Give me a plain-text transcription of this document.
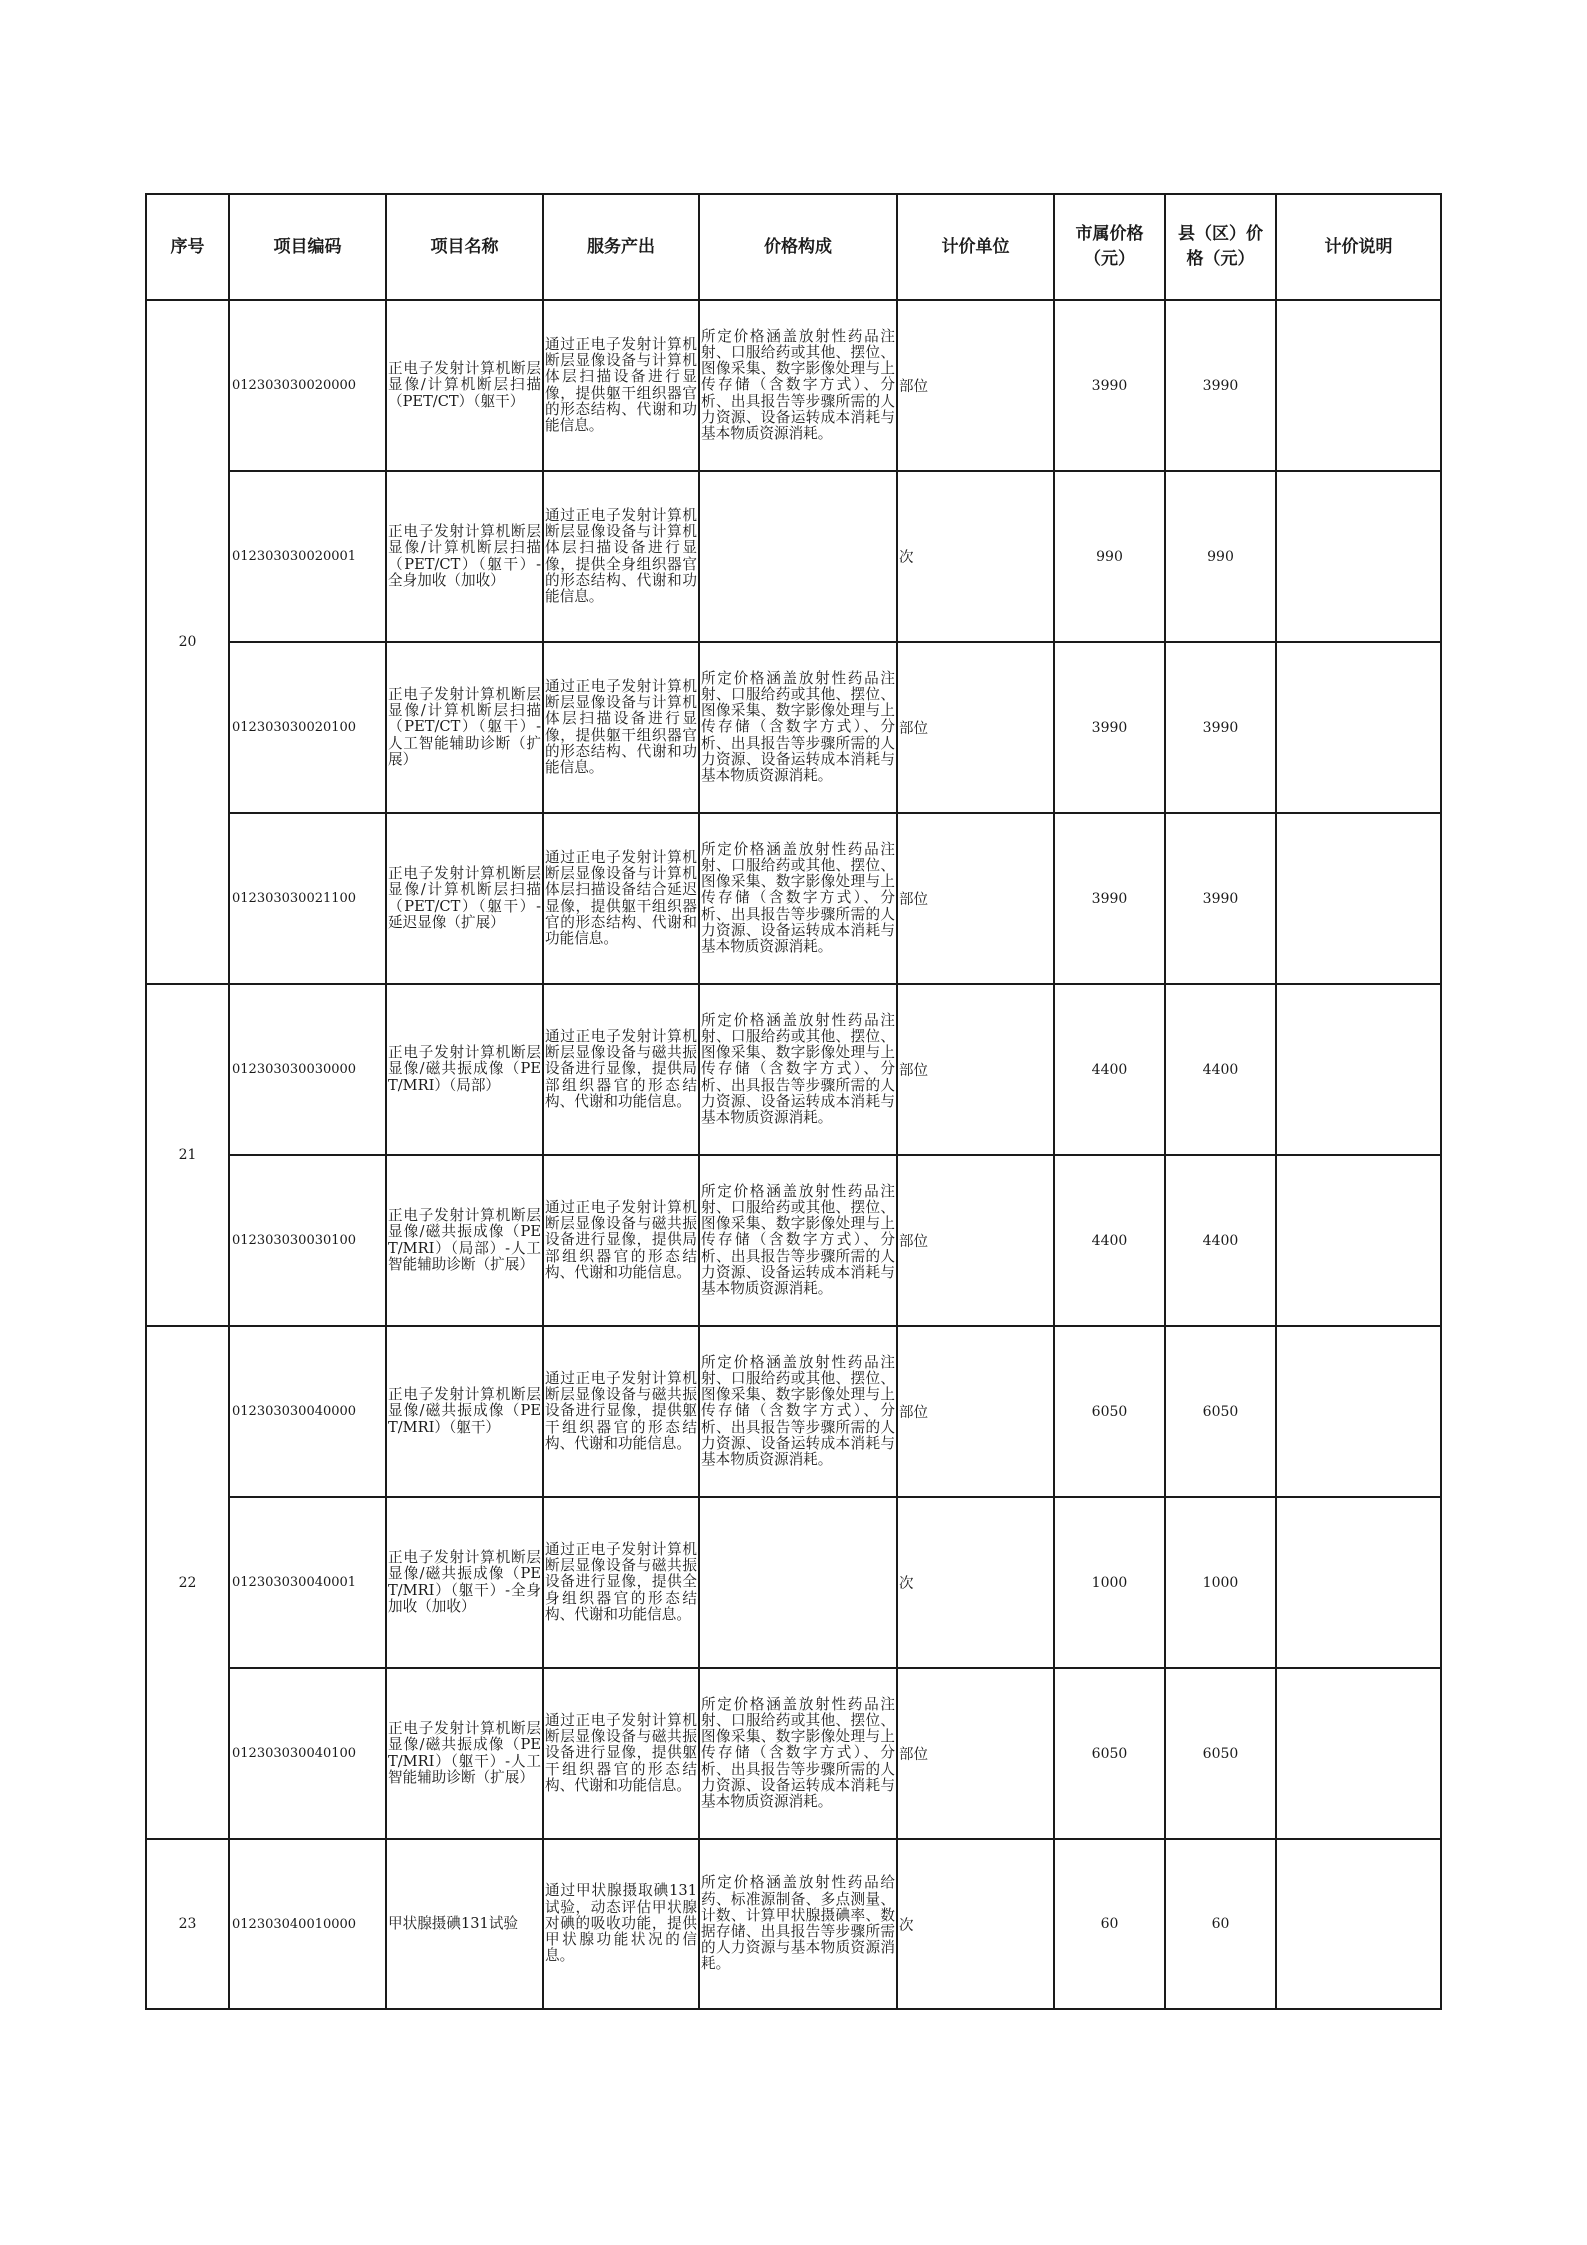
序号	项目编码	项目名称	服务产出	价格构成	计价单位	市属价格（元）	县（区）价格（元）	计价说明
20	012303030020000	正电子发射计算机断层显像/计算机断层扫描（PET/CT）（躯干）	通过正电子发射计算机断层显像设备与计算机体层扫描设备进行显像，提供躯干组织器官的形态结构、代谢和功能信息。	所定价格涵盖放射性药品注射、口服给药或其他、摆位、图像采集、数字影像处理与上传存储（含数字方式）、分析、出具报告等步骤所需的人力资源、设备运转成本消耗与基本物质资源消耗。	部位	3990	3990	
	012303030020001	正电子发射计算机断层显像/计算机断层扫描（PET/CT）（躯干）-全身加收（加收）	通过正电子发射计算机断层显像设备与计算机体层扫描设备进行显像，提供全身组织器官的形态结构、代谢和功能信息。		次	990	990	
	012303030020100	正电子发射计算机断层显像/计算机断层扫描（PET/CT）（躯干）-人工智能辅助诊断（扩展）	通过正电子发射计算机断层显像设备与计算机体层扫描设备进行显像，提供躯干组织器官的形态结构、代谢和功能信息。	所定价格涵盖放射性药品注射、口服给药或其他、摆位、图像采集、数字影像处理与上传存储（含数字方式）、分析、出具报告等步骤所需的人力资源、设备运转成本消耗与基本物质资源消耗。	部位	3990	3990	
	012303030021100	正电子发射计算机断层显像/计算机断层扫描（PET/CT）（躯干）-延迟显像（扩展）	通过正电子发射计算机断层显像设备与计算机体层扫描设备结合延迟显像，提供躯干组织器官的形态结构、代谢和功能信息。	所定价格涵盖放射性药品注射、口服给药或其他、摆位、图像采集、数字影像处理与上传存储（含数字方式）、分析、出具报告等步骤所需的人力资源、设备运转成本消耗与基本物质资源消耗。	部位	3990	3990	
21	012303030030000	正电子发射计算机断层显像/磁共振成像（PET/MRI）（局部）	通过正电子发射计算机断层显像设备与磁共振设备进行显像，提供局部组织器官的形态结构、代谢和功能信息。	所定价格涵盖放射性药品注射、口服给药或其他、摆位、图像采集、数字影像处理与上传存储（含数字方式）、分析、出具报告等步骤所需的人力资源、设备运转成本消耗与基本物质资源消耗。	部位	4400	4400	
	012303030030100	正电子发射计算机断层显像/磁共振成像（PET/MRI）（局部）-人工智能辅助诊断（扩展）	通过正电子发射计算机断层显像设备与磁共振设备进行显像，提供局部组织器官的形态结构、代谢和功能信息。	所定价格涵盖放射性药品注射、口服给药或其他、摆位、图像采集、数字影像处理与上传存储（含数字方式）、分析、出具报告等步骤所需的人力资源、设备运转成本消耗与基本物质资源消耗。	部位	4400	4400	
22	012303030040000	正电子发射计算机断层显像/磁共振成像（PET/MRI）（躯干）	通过正电子发射计算机断层显像设备与磁共振设备进行显像，提供躯干组织器官的形态结构、代谢和功能信息。	所定价格涵盖放射性药品注射、口服给药或其他、摆位、图像采集、数字影像处理与上传存储（含数字方式）、分析、出具报告等步骤所需的人力资源、设备运转成本消耗与基本物质资源消耗。	部位	6050	6050	
	012303030040001	正电子发射计算机断层显像/磁共振成像（PET/MRI）（躯干）-全身加收（加收）	通过正电子发射计算机断层显像设备与磁共振设备进行显像，提供全身组织器官的形态结构、代谢和功能信息。		次	1000	1000	
	012303030040100	正电子发射计算机断层显像/磁共振成像（PET/MRI）（躯干）-人工智能辅助诊断（扩展）	通过正电子发射计算机断层显像设备与磁共振设备进行显像，提供躯干组织器官的形态结构、代谢和功能信息。	所定价格涵盖放射性药品注射、口服给药或其他、摆位、图像采集、数字影像处理与上传存储（含数字方式）、分析、出具报告等步骤所需的人力资源、设备运转成本消耗与基本物质资源消耗。	部位	6050	6050	
23	012303040010000	甲状腺摄碘131试验	通过甲状腺摄取碘131试验，动态评估甲状腺对碘的吸收功能，提供甲状腺功能状况的信息。	所定价格涵盖放射性药品给药、标准源制备、多点测量、计数、计算甲状腺摄碘率、数据存储、出具报告等步骤所需的人力资源与基本物质资源消耗。	次	60	60	
